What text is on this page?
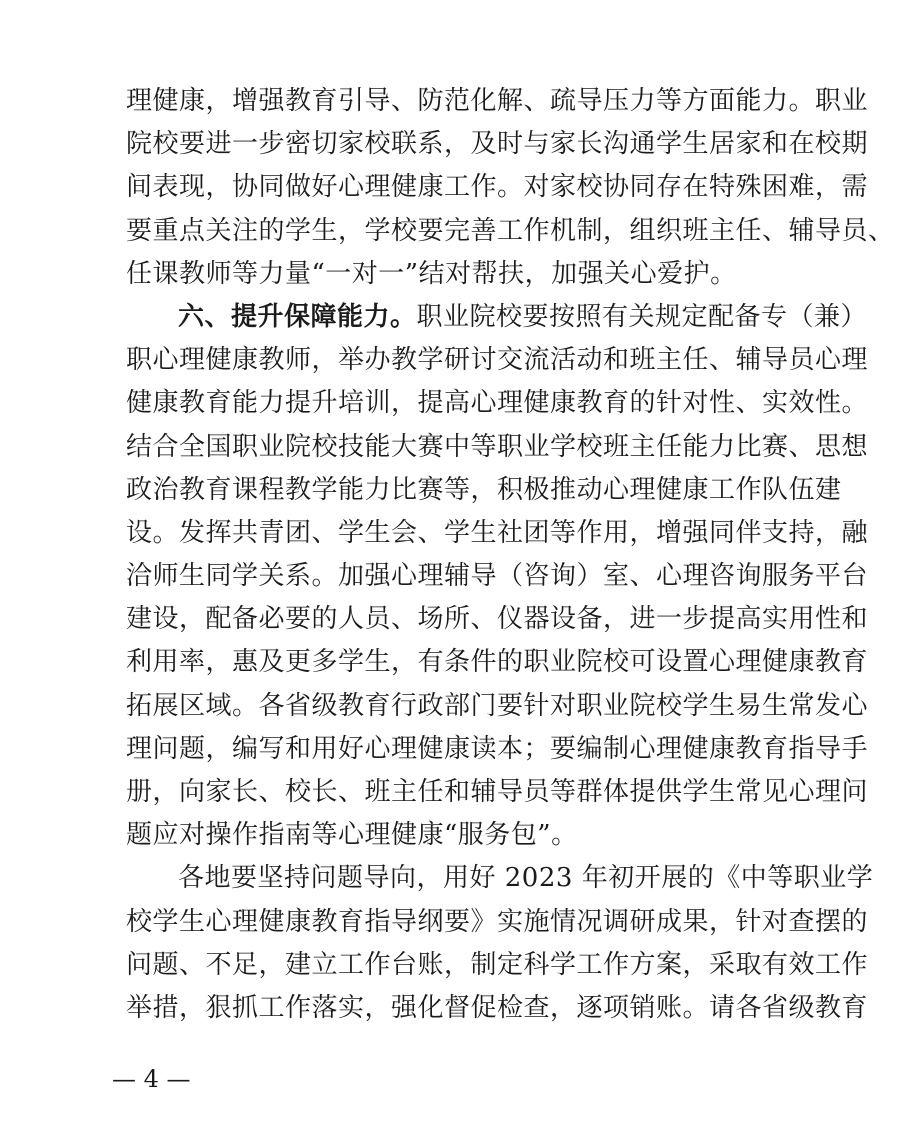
理健康，增强教育引导、防范化解、疏导压力等方面能力。职业
院校要进一步密切家校联系，及时与家长沟通学生居家和在校期
间表现，协同做好心理健康工作。对家校协同存在特殊困难，需
要重点关注的学生，学校要完善工作机制，组织班主任、辅导员、
任课教师等力量“一对一”结对帮扶，加强关心爱护。
六、提升保障能力。职业院校要按照有关规定配备专（兼）
职心理健康教师，举办教学研讨交流活动和班主任、辅导员心理
健康教育能力提升培训，提高心理健康教育的针对性、实效性。
结合全国职业院校技能大赛中等职业学校班主任能力比赛、思想
政治教育课程教学能力比赛等，积极推动心理健康工作队伍建
设。发挥共青团、学生会、学生社团等作用，增强同伴支持，融
洽师生同学关系。加强心理辅导（咨询）室、心理咨询服务平台
建设，配备必要的人员、场所、仪器设备，进一步提高实用性和
利用率，惠及更多学生，有条件的职业院校可设置心理健康教育
拓展区域。各省级教育行政部门要针对职业院校学生易生常发心
理问题，编写和用好心理健康读本；要编制心理健康教育指导手
册，向家长、校长、班主任和辅导员等群体提供学生常见心理问
题应对操作指南等心理健康“服务包”。
各地要坚持问题导向，用好 2023 年初开展的《中等职业学
校学生心理健康教育指导纲要》实施情况调研成果，针对查摆的
问题、不足，建立工作台账，制定科学工作方案，采取有效工作
举措，狠抓工作落实，强化督促检查，逐项销账。请各省级教育
— 4 —
